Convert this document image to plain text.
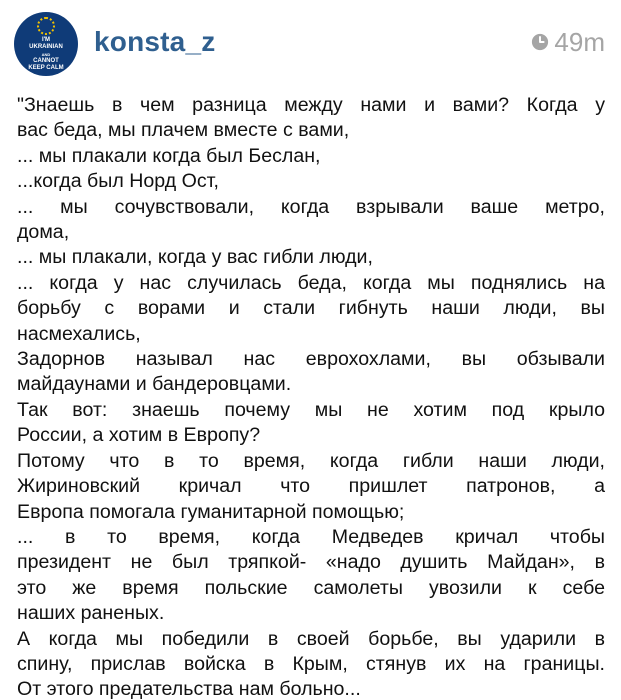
I'M
UKRAINIAN
AND
CANNOT
KEEP CALM
konsta_z	49m
"Знаешь в чем разница между нами и вами? Когда у
вас беда, мы плачем вместе с вами,
... мы плакали когда был Беслан,
...когда был Норд Ост,
... мы сочувствовали, когда взрывали ваше метро,
дома,
... мы плакали, когда у вас гибли люди,
... когда у нас случилась беда, когда мы поднялись на
борьбу с ворами и стали гибнуть наши люди, вы
насмехались,
Задорнов называл нас еврохохлами, вы обзывали
майдаунами и бандеровцами.
Так вот: знаешь почему мы не хотим под крыло
России, а хотим в Европу?
Потому что в то время, когда гибли наши люди,
Жириновский кричал что пришлет патронов, а
Европа помогала гуманитарной помощью;
... в то время, когда Медведев кричал чтобы
президент не был тряпкой- «надо душить Майдан», в
это же время польские самолеты увозили к себе
наших раненых.
А когда мы победили в своей борьбе, вы ударили в
спину, прислав войска в Крым, стянув их на границы.
От этого предательства нам больно...
